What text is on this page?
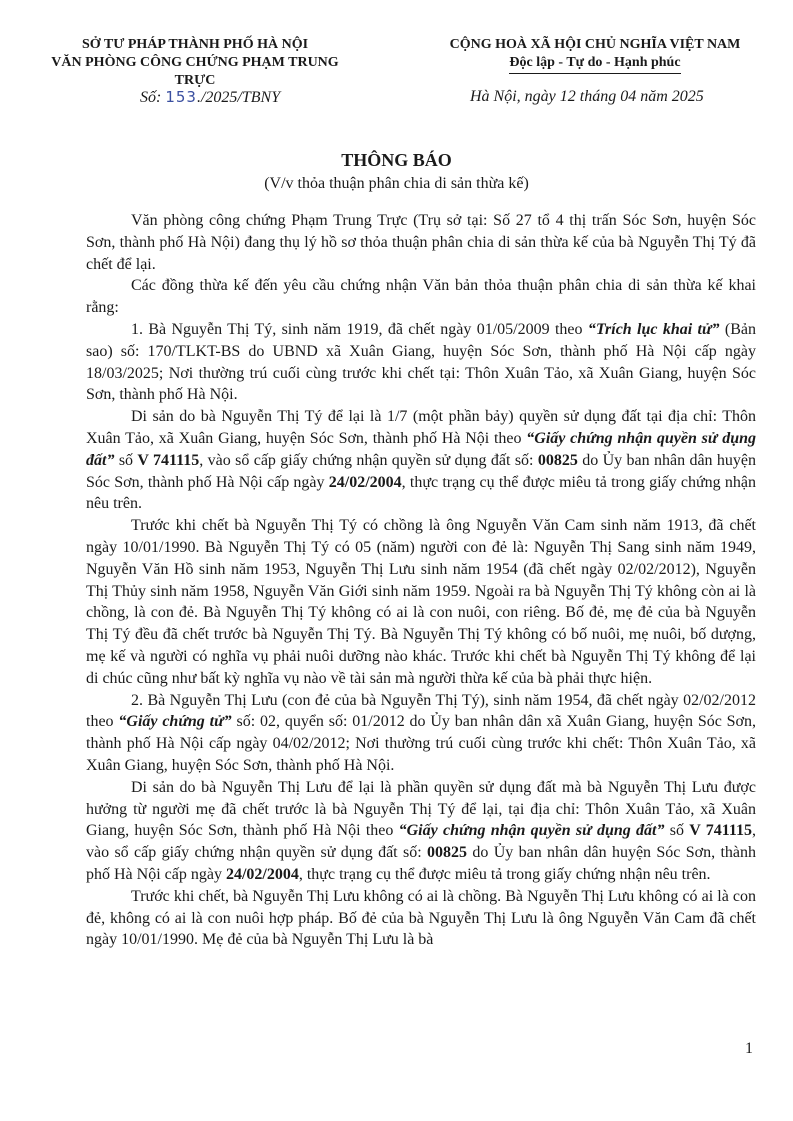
SỞ TƯ PHÁP THÀNH PHỐ HÀ NỘI
VĂN PHÒNG CÔNG CHỨNG PHẠM TRUNG TRỰC
CỘNG HOÀ XÃ HỘI CHỦ NGHĨA VIỆT NAM
Độc lập - Tự do - Hạnh phúc
Số: 153./2025/TBNY	Hà Nội, ngày 12 tháng 04 năm 2025
THÔNG BÁO
(V/v thỏa thuận phân chia di sản thừa kế)

Văn phòng công chứng Phạm Trung Trực (Trụ sở tại: Số 27 tổ 4 thị trấn Sóc Sơn, huyện Sóc Sơn, thành phố Hà Nội) đang thụ lý hồ sơ thỏa thuận phân chia di sản thừa kế của bà Nguyễn Thị Tý đã chết để lại.

Các đồng thừa kế đến yêu cầu chứng nhận Văn bản thỏa thuận phân chia di sản thừa kế khai rằng:

1. Bà Nguyễn Thị Tý, sinh năm 1919, đã chết ngày 01/05/2009 theo “Trích lục khai tử” (Bản sao) số: 170/TLKT-BS do UBND xã Xuân Giang, huyện Sóc Sơn, thành phố Hà Nội cấp ngày 18/03/2025; Nơi thường trú cuối cùng trước khi chết tại: Thôn Xuân Tảo, xã Xuân Giang, huyện Sóc Sơn, thành phố Hà Nội.

Di sản do bà Nguyễn Thị Tý để lại là 1/7 (một phần bảy) quyền sử dụng đất tại địa chỉ: Thôn Xuân Tảo, xã Xuân Giang, huyện Sóc Sơn, thành phố Hà Nội theo “Giấy chứng nhận quyền sử dụng đất” số V 741115, vào sổ cấp giấy chứng nhận quyền sử dụng đất số: 00825 do Ủy ban nhân dân huyện Sóc Sơn, thành phố Hà Nội cấp ngày 24/02/2004, thực trạng cụ thể được miêu tả trong giấy chứng nhận nêu trên.

Trước khi chết bà Nguyễn Thị Tý có chồng là ông Nguyễn Văn Cam sinh năm 1913, đã chết ngày 10/01/1990. Bà Nguyễn Thị Tý có 05 (năm) người con đẻ là: Nguyễn Thị Sang sinh năm 1949, Nguyễn Văn Hồ sinh năm 1953, Nguyễn Thị Lưu sinh năm 1954 (đã chết ngày 02/02/2012), Nguyễn Thị Thủy sinh năm 1958, Nguyễn Văn Giới sinh năm 1959. Ngoài ra bà Nguyễn Thị Tý không còn ai là chồng, là con đẻ. Bà Nguyễn Thị Tý không có ai là con nuôi, con riêng. Bố đẻ, mẹ đẻ của bà Nguyễn Thị Tý đều đã chết trước bà Nguyễn Thị Tý. Bà Nguyễn Thị Tý không có bố nuôi, mẹ nuôi, bố dượng, mẹ kế và người có nghĩa vụ phải nuôi dưỡng nào khác. Trước khi chết bà Nguyễn Thị Tý không để lại di chúc cũng như bất kỳ nghĩa vụ nào về tài sản mà người thừa kế của bà phải thực hiện.

2. Bà Nguyễn Thị Lưu (con đẻ của bà Nguyễn Thị Tý), sinh năm 1954, đã chết ngày 02/02/2012 theo “Giấy chứng tử” số: 02, quyển số: 01/2012 do Ủy ban nhân dân xã Xuân Giang, huyện Sóc Sơn, thành phố Hà Nội cấp ngày 04/02/2012; Nơi thường trú cuối cùng trước khi chết: Thôn Xuân Tảo, xã Xuân Giang, huyện Sóc Sơn, thành phố Hà Nội.

Di sản do bà Nguyễn Thị Lưu để lại là phần quyền sử dụng đất mà bà Nguyễn Thị Lưu được hưởng từ người mẹ đã chết trước là bà Nguyễn Thị Tý để lại, tại địa chỉ: Thôn Xuân Tảo, xã Xuân Giang, huyện Sóc Sơn, thành phố Hà Nội theo “Giấy chứng nhận quyền sử dụng đất” số V 741115, vào sổ cấp giấy chứng nhận quyền sử dụng đất số: 00825 do Ủy ban nhân dân huyện Sóc Sơn, thành phố Hà Nội cấp ngày 24/02/2004, thực trạng cụ thể được miêu tả trong giấy chứng nhận nêu trên.

Trước khi chết, bà Nguyễn Thị Lưu không có ai là chồng. Bà Nguyễn Thị Lưu không có ai là con đẻ, không có ai là con nuôi hợp pháp. Bố đẻ của bà Nguyễn Thị Lưu là ông Nguyễn Văn Cam đã chết ngày 10/01/1990. Mẹ đẻ của bà Nguyễn Thị Lưu là bà

1
